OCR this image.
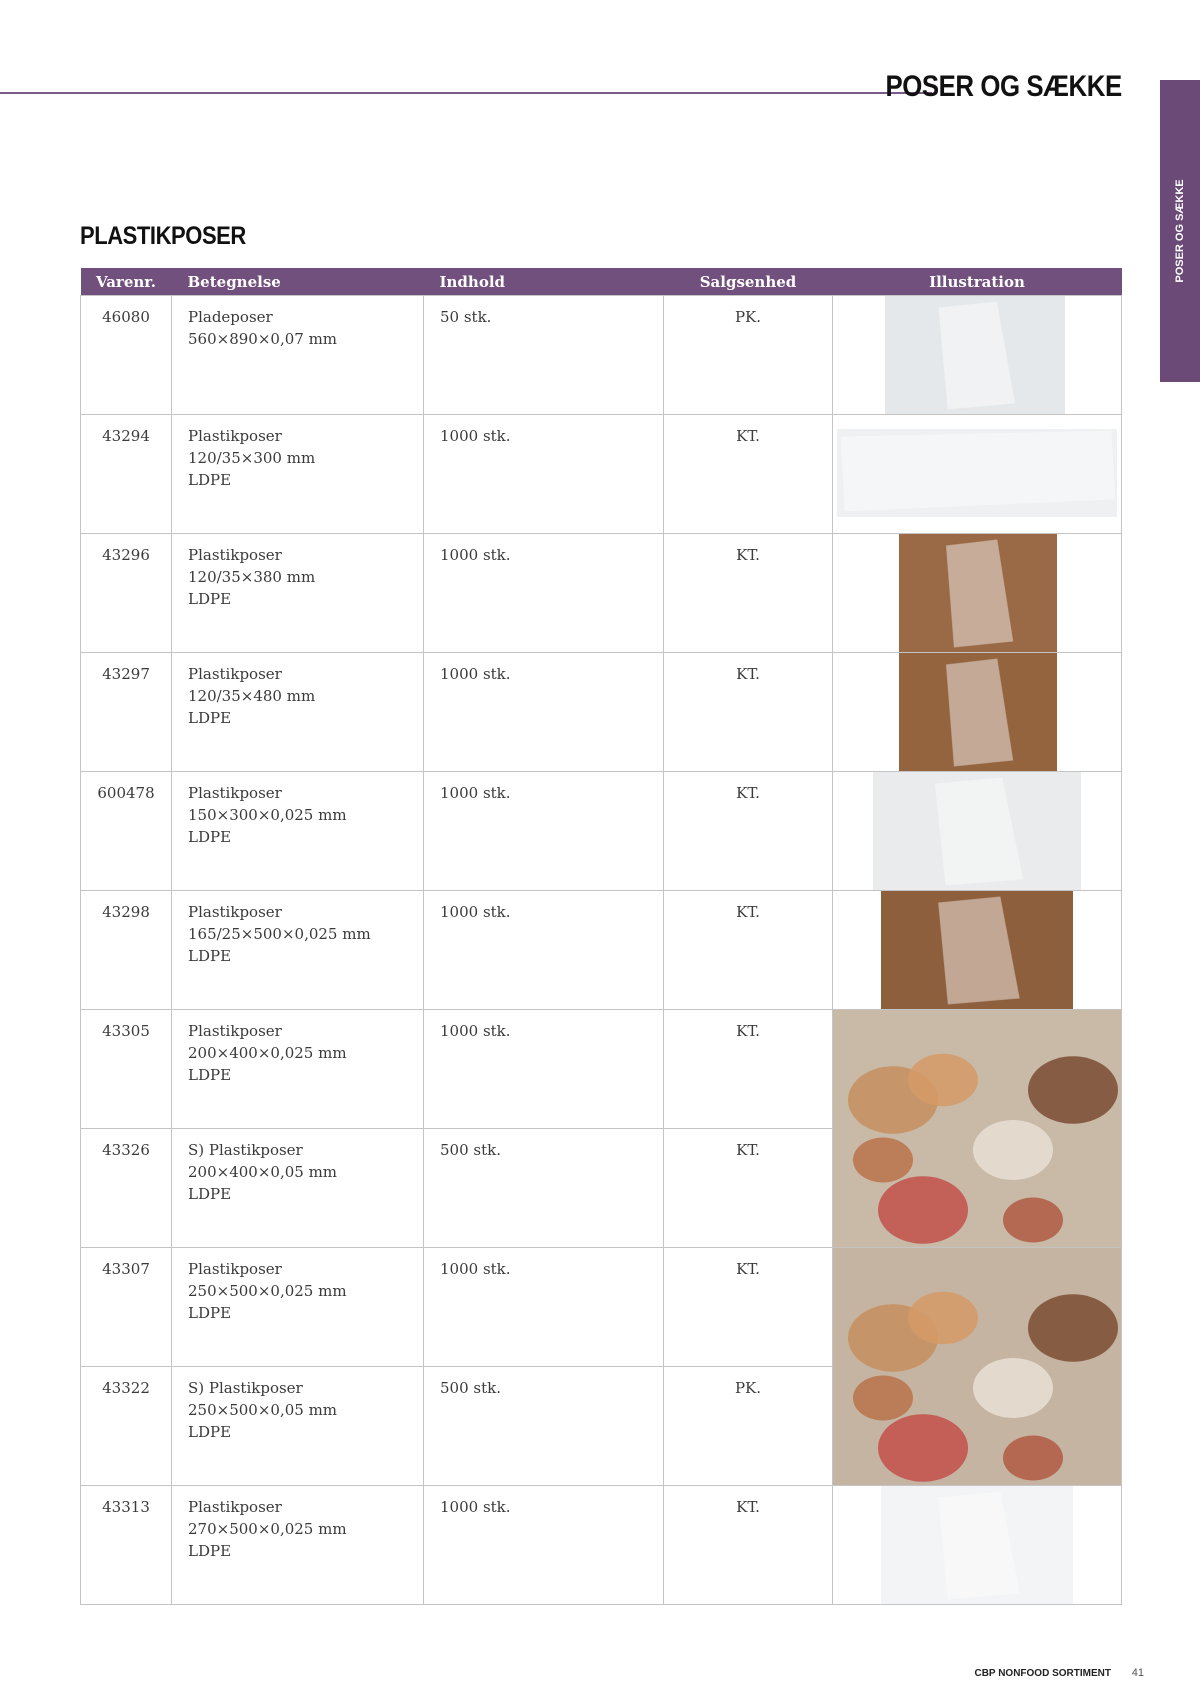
POSER OG SÆKKE
POSER OG SÆKKE
PLASTIKPOSER
Varenr.	Betegnelse	Indhold	Salgsenhed	Illustration
46080	Pladeposer
560×890×0,07 mm	50 stk.	PK.	

43294	Plastikposer
120/35×300 mm
LDPE	1000 stk.	KT.	

43296	Plastikposer
120/35×380 mm
LDPE	1000 stk.	KT.	

43297	Plastikposer
120/35×480 mm
LDPE	1000 stk.	KT.	

600478	Plastikposer
150×300×0,025 mm
LDPE	1000 stk.	KT.	

43298	Plastikposer
165/25×500×0,025 mm
LDPE	1000 stk.	KT.	

43305	Plastikposer
200×400×0,025 mm
LDPE	1000 stk.	KT.	

43326	S) Plastikposer
200×400×0,05 mm
LDPE	500 stk.	KT.	
43307	Plastikposer
250×500×0,025 mm
LDPE	1000 stk.	KT.	

43322	S) Plastikposer
250×500×0,05 mm
LDPE	500 stk.	PK.	
43313	Plastikposer
270×500×0,025 mm
LDPE	1000 stk.	KT.	
CBP NONFOOD SORTIMENT 41
